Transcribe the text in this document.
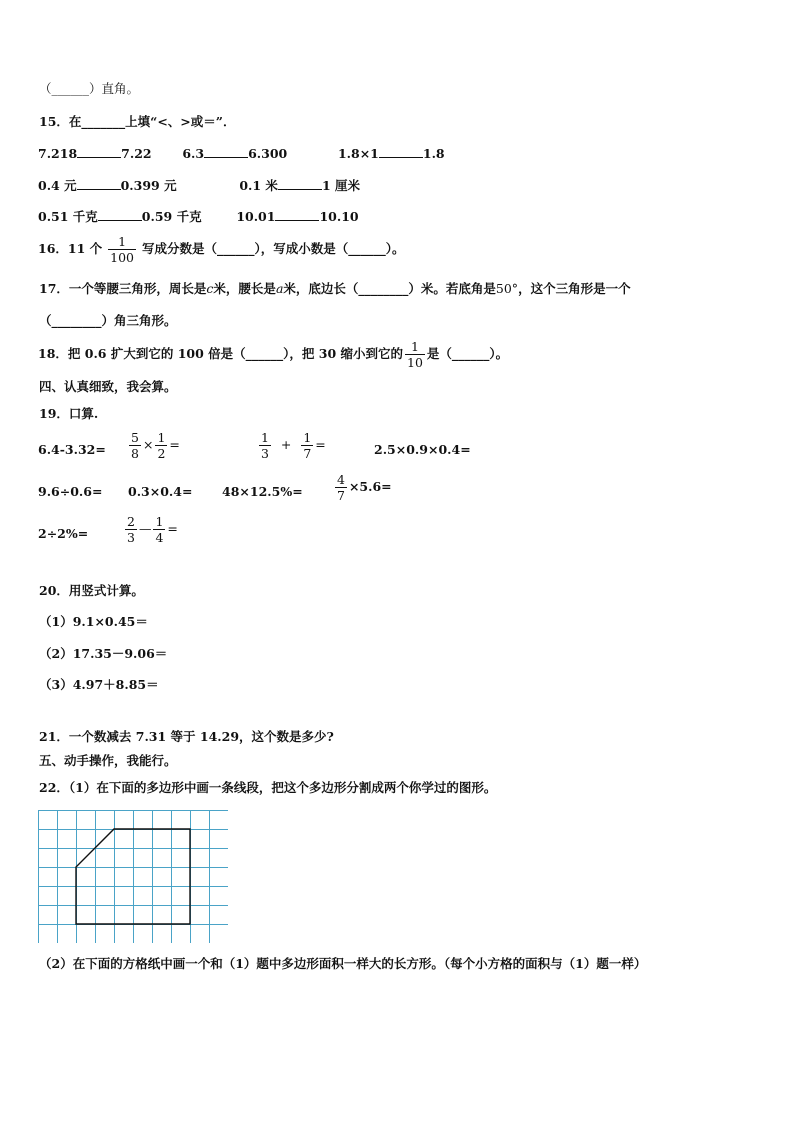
（______）直角。
15．在_______上填“<、>或＝”．
7.218	7.22 6.3	6.300	1.8×1	1.8
0.4 元	0.399 元	0.1 米	1 厘米
0.51 千克	0.59 千克	10.01	10.10
16．11 个 $\frac{1}{100}$ 写成分数是（______），写成小数是（______）。
17．一个等腰三角形，周长是c米，腰长是a米，底边长（________）米。若底角是50°，这个三角形是一个
（________）角三角形。
18．把 0.6 扩大到它的 100 倍是（______），把 30 缩小到它的 $\frac{1}{10}$ 是（______）。
四、认真细致，我会算。
19．口算.
$6.4-3.32= \frac{5}{8} \times \frac{1}{2}$ =	$\frac{1}{3} + \frac{1}{7}$ =	2.5×0.9×0.4=
9.6÷0.6= 0.3×0.4= 48×12.5%=	$\frac{4}{7} \times 5.6=$
2÷2%=	$\frac{2}{3}$ — $\frac{1}{4}$ =
20．用竖式计算。
（1）9.1×0.45＝
（2）17.35－9.06＝
（3）4.97＋8.85＝
21．一个数减去 7.31 等于 14.29，这个数是多少?
五、动手操作，我能行。
22．（1）在下面的多边形中画一条线段，把这个多边形分割成两个你学过的图形。
（2）在下面的方格纸中画一个和（1）题中多边形面积一样大的长方形。（每个小方格的面积与（1）题一样）
